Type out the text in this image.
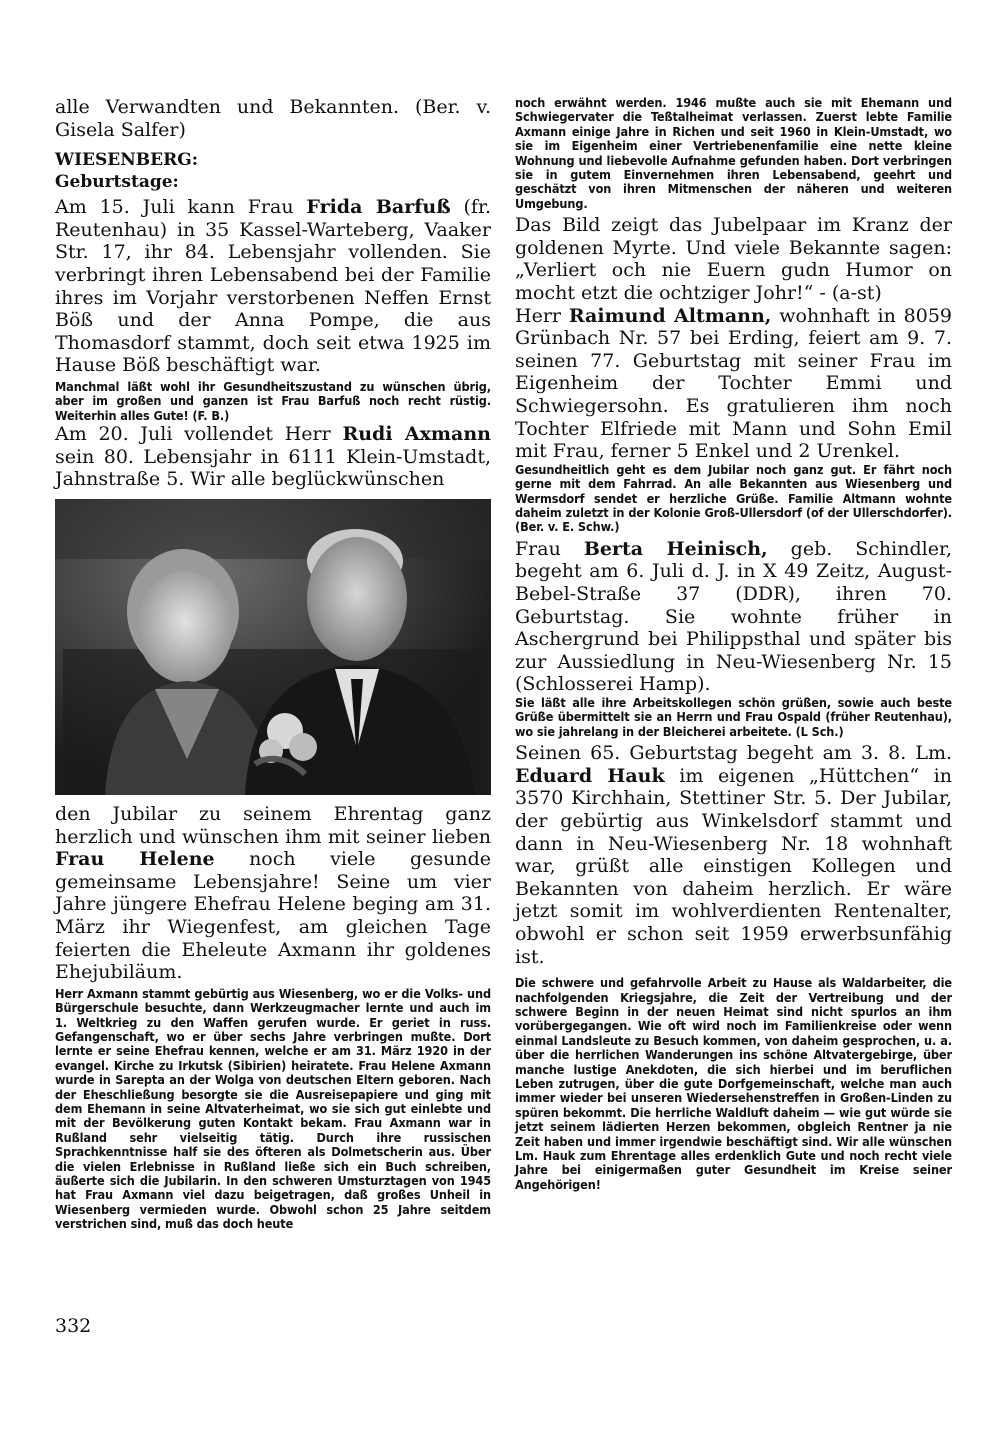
alle Verwandten und Bekannten. (Ber. v. Gisela Salfer)

WIESENBERG:
Geburtstage:

Am 15. Juli kann Frau Frida Barfuß (fr. Reutenhau) in 35 Kassel-Warteberg, Vaaker Str. 17, ihr 84. Lebensjahr vollenden. Sie verbringt ihren Lebensabend bei der Familie ihres im Vorjahr verstorbenen Neffen Ernst Böß und der Anna Pompe, die aus Thomasdorf stammt, doch seit etwa 1925 im Hause Böß beschäftigt war.

Manchmal läßt wohl ihr Gesundheitszustand zu wünschen übrig, aber im großen und ganzen ist Frau Barfuß noch recht rüstig. Weiterhin alles Gute! (F. B.)

Am 20. Juli vollendet Herr Rudi Axmann sein 80. Lebensjahr in 6111 Klein-Umstadt, Jahnstraße 5. Wir alle beglückwünschen

den Jubilar zu seinem Ehrentag ganz herzlich und wünschen ihm mit seiner lieben Frau Helene noch viele gesunde gemeinsame Lebensjahre! Seine um vier Jahre jüngere Ehefrau Helene beging am 31. März ihr Wiegenfest, am gleichen Tage feierten die Eheleute Axmann ihr goldenes Ehejubiläum.

Herr Axmann stammt gebürtig aus Wiesenberg, wo er die Volks- und Bürgerschule besuchte, dann Werkzeugmacher lernte und auch im 1. Weltkrieg zu den Waffen gerufen wurde. Er geriet in russ. Gefangenschaft, wo er über sechs Jahre verbringen mußte. Dort lernte er seine Ehefrau kennen, welche er am 31. März 1920 in der evangel. Kirche zu Irkutsk (Sibirien) heiratete. Frau Helene Axmann wurde in Sarepta an der Wolga von deutschen Eltern geboren. Nach der Eheschließung besorgte sie die Ausreisepapiere und ging mit dem Ehemann in seine Altvaterheimat, wo sie sich gut einlebte und mit der Bevölkerung guten Kontakt bekam. Frau Axmann war in Rußland sehr vielseitig tätig. Durch ihre russischen Sprachkenntnisse half sie des öfteren als Dolmetscherin aus. Über die vielen Erlebnisse in Rußland ließe sich ein Buch schreiben, äußerte sich die Jubilarin. In den schweren Umsturztagen von 1945 hat Frau Axmann viel dazu beigetragen, daß großes Unheil in Wiesenberg vermieden wurde. Obwohl schon 25 Jahre seitdem verstrichen sind, muß das doch heute

noch erwähnt werden. 1946 mußte auch sie mit Ehemann und Schwiegervater die Teßtalheimat verlassen. Zuerst lebte Familie Axmann einige Jahre in Richen und seit 1960 in Klein-Umstadt, wo sie im Eigenheim einer Vertriebenenfamilie eine nette kleine Wohnung und liebevolle Aufnahme gefunden haben. Dort verbringen sie in gutem Einvernehmen ihren Lebensabend, geehrt und geschätzt von ihren Mitmenschen der näheren und weiteren Umgebung.

Das Bild zeigt das Jubelpaar im Kranz der goldenen Myrte. Und viele Bekannte sagen: „Verliert och nie Euern gudn Humor on mocht etzt die ochtziger Johr!“ - (a-st)

Herr Raimund Altmann, wohnhaft in 8059 Grünbach Nr. 57 bei Erding, feiert am 9. 7. seinen 77. Geburtstag mit seiner Frau im Eigenheim der Tochter Emmi und Schwiegersohn. Es gratulieren ihm noch Tochter Elfriede mit Mann und Sohn Emil mit Frau, ferner 5 Enkel und 2 Urenkel.

Gesundheitlich geht es dem Jubilar noch ganz gut. Er fährt noch gerne mit dem Fahrrad. An alle Bekannten aus Wiesenberg und Wermsdorf sendet er herzliche Grüße. Familie Altmann wohnte daheim zuletzt in der Kolonie Groß-Ullersdorf (of der Ullerschdorfer). (Ber. v. E. Schw.)

Frau Berta Heinisch, geb. Schindler, begeht am 6. Juli d. J. in X 49 Zeitz, August-Bebel-Straße 37 (DDR), ihren 70. Geburtstag. Sie wohnte früher in Aschergrund bei Philippsthal und später bis zur Aussiedlung in Neu-Wiesenberg Nr. 15 (Schlosserei Hamp).

Sie läßt alle ihre Arbeitskollegen schön grüßen, sowie auch beste Grüße übermittelt sie an Herrn und Frau Ospald (früher Reutenhau), wo sie jahrelang in der Bleicherei arbeitete. (L Sch.)

Seinen 65. Geburtstag begeht am 3. 8. Lm. Eduard Hauk im eigenen „Hüttchen“ in 3570 Kirchhain, Stettiner Str. 5. Der Jubilar, der gebürtig aus Winkelsdorf stammt und dann in Neu-Wiesenberg Nr. 18 wohnhaft war, grüßt alle einstigen Kollegen und Bekannten von daheim herzlich. Er wäre jetzt somit im wohlverdienten Rentenalter, obwohl er schon seit 1959 erwerbsunfähig ist.

Die schwere und gefahrvolle Arbeit zu Hause als Waldarbeiter, die nachfolgenden Kriegsjahre, die Zeit der Vertreibung und der schwere Beginn in der neuen Heimat sind nicht spurlos an ihm vorübergegangen. Wie oft wird noch im Familienkreise oder wenn einmal Landsleute zu Besuch kommen, von daheim gesprochen, u. a. über die herrlichen Wanderungen ins schöne Altvatergebirge, über manche lustige Anekdoten, die sich hierbei und im beruflichen Leben zutrugen, über die gute Dorfgemeinschaft, welche man auch immer wieder bei unseren Wiedersehenstreffen in Großen-Linden zu spüren bekommt. Die herrliche Waldluft daheim — wie gut würde sie jetzt seinem lädierten Herzen bekommen, obgleich Rentner ja nie Zeit haben und immer irgendwie beschäftigt sind. Wir alle wünschen Lm. Hauk zum Ehrentage alles erdenklich Gute und noch recht viele Jahre bei einigermaßen guter Gesundheit im Kreise seiner Angehörigen!

332
